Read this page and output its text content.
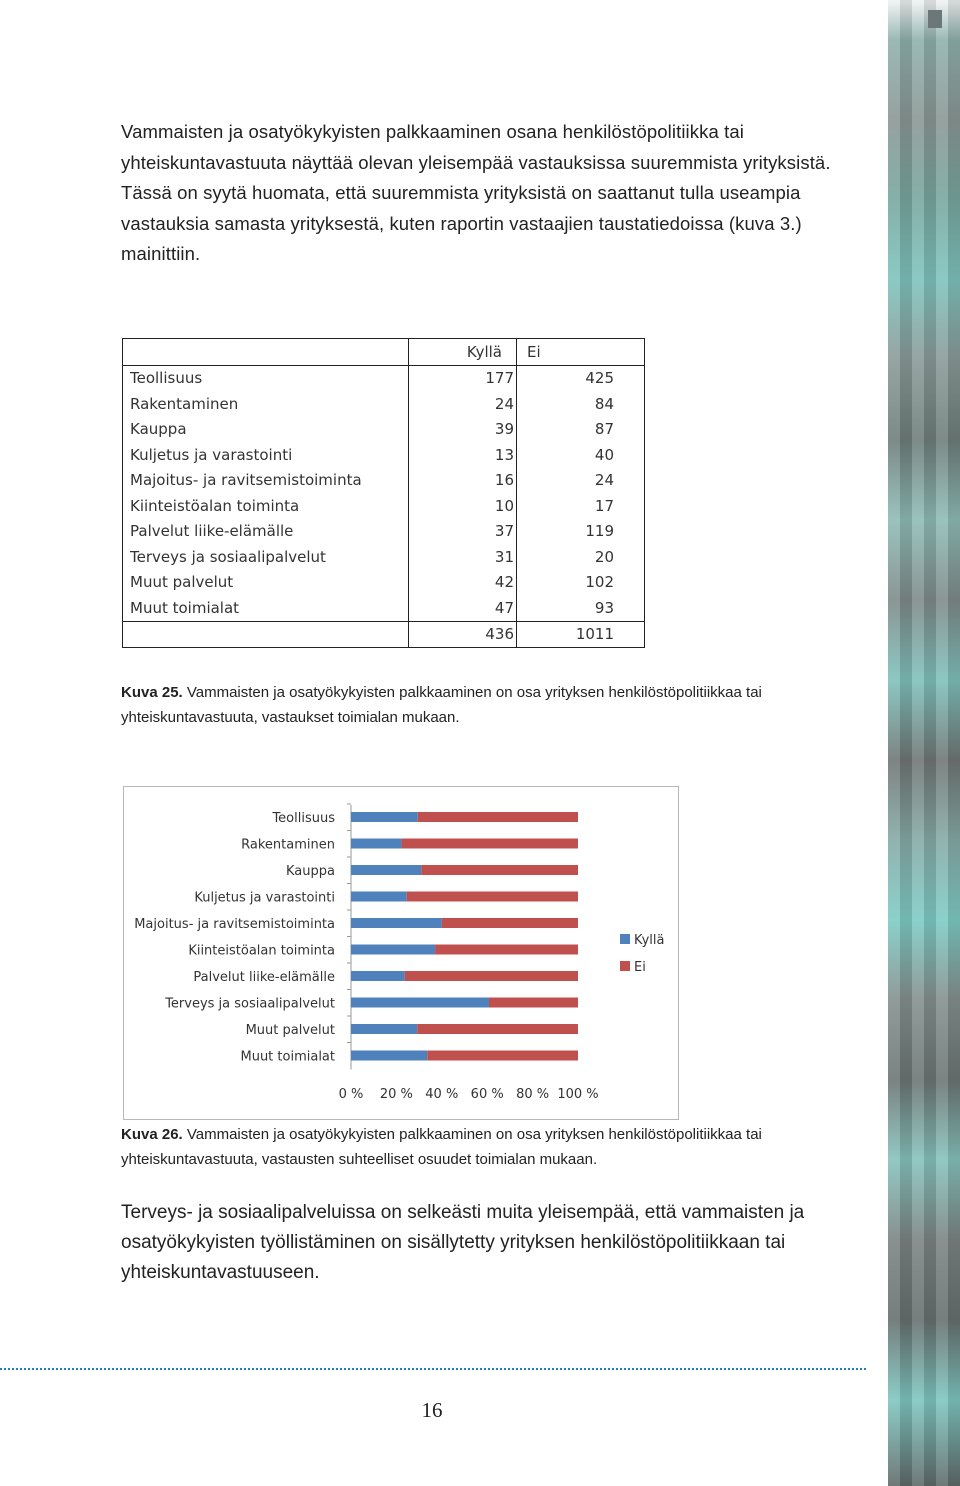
Vammaisten ja osatyökykyisten palkkaaminen osana henkilöstöpolitiikka tai yhteiskuntavastuuta näyttää olevan yleisempää vastauksissa suuremmista yrityksistä. Tässä on syytä huomata, että suuremmista yrityksistä on saattanut tulla useampia vastauksia samasta yrityksestä, kuten raportin vastaajien taustatiedoissa (kuva 3.) mainittiin.

	Kyllä	Ei
Teollisuus	177	425
Rakentaminen	24	84
Kauppa	39	87
Kuljetus ja varastointi	13	40
Majoitus- ja ravitsemistoiminta	16	24
Kiinteistöalan toiminta	10	17
Palvelut liike-elämälle	37	119
Terveys ja sosiaalipalvelut	31	20
Muut palvelut	42	102
Muut toimialat	47	93
	436	1011
Kuva 25. Vammaisten ja osatyökykyisten palkkaaminen on osa yrityksen henkilöstöpolitiikkaa tai yhteiskuntavastuuta, vastaukset toimialan mukaan.
Teollisuus
Rakentaminen
Kauppa
Kuljetus ja varastointi
Majoitus- ja ravitsemistoiminta
Kiinteistöalan toiminta
Palvelut liike-elämälle
Terveys ja sosiaalipalvelut
Muut palvelut
Muut toimialat
0 % 20 % 40 % 60 % 80 % 100 %
Kyllä
Ei
Kuva 26. Vammaisten ja osatyökykyisten palkkaaminen on osa yrityksen henkilöstöpolitiikkaa tai yhteiskuntavastuuta, vastausten suhteelliset osuudet toimialan mukaan.

Terveys- ja sosiaalipalveluissa on selkeästi muita yleisempää, että vammaisten ja osatyökykyisten työllistäminen on sisällytetty yrityksen henkilöstöpolitiikkaan tai yhteiskuntavastuuseen.

16
